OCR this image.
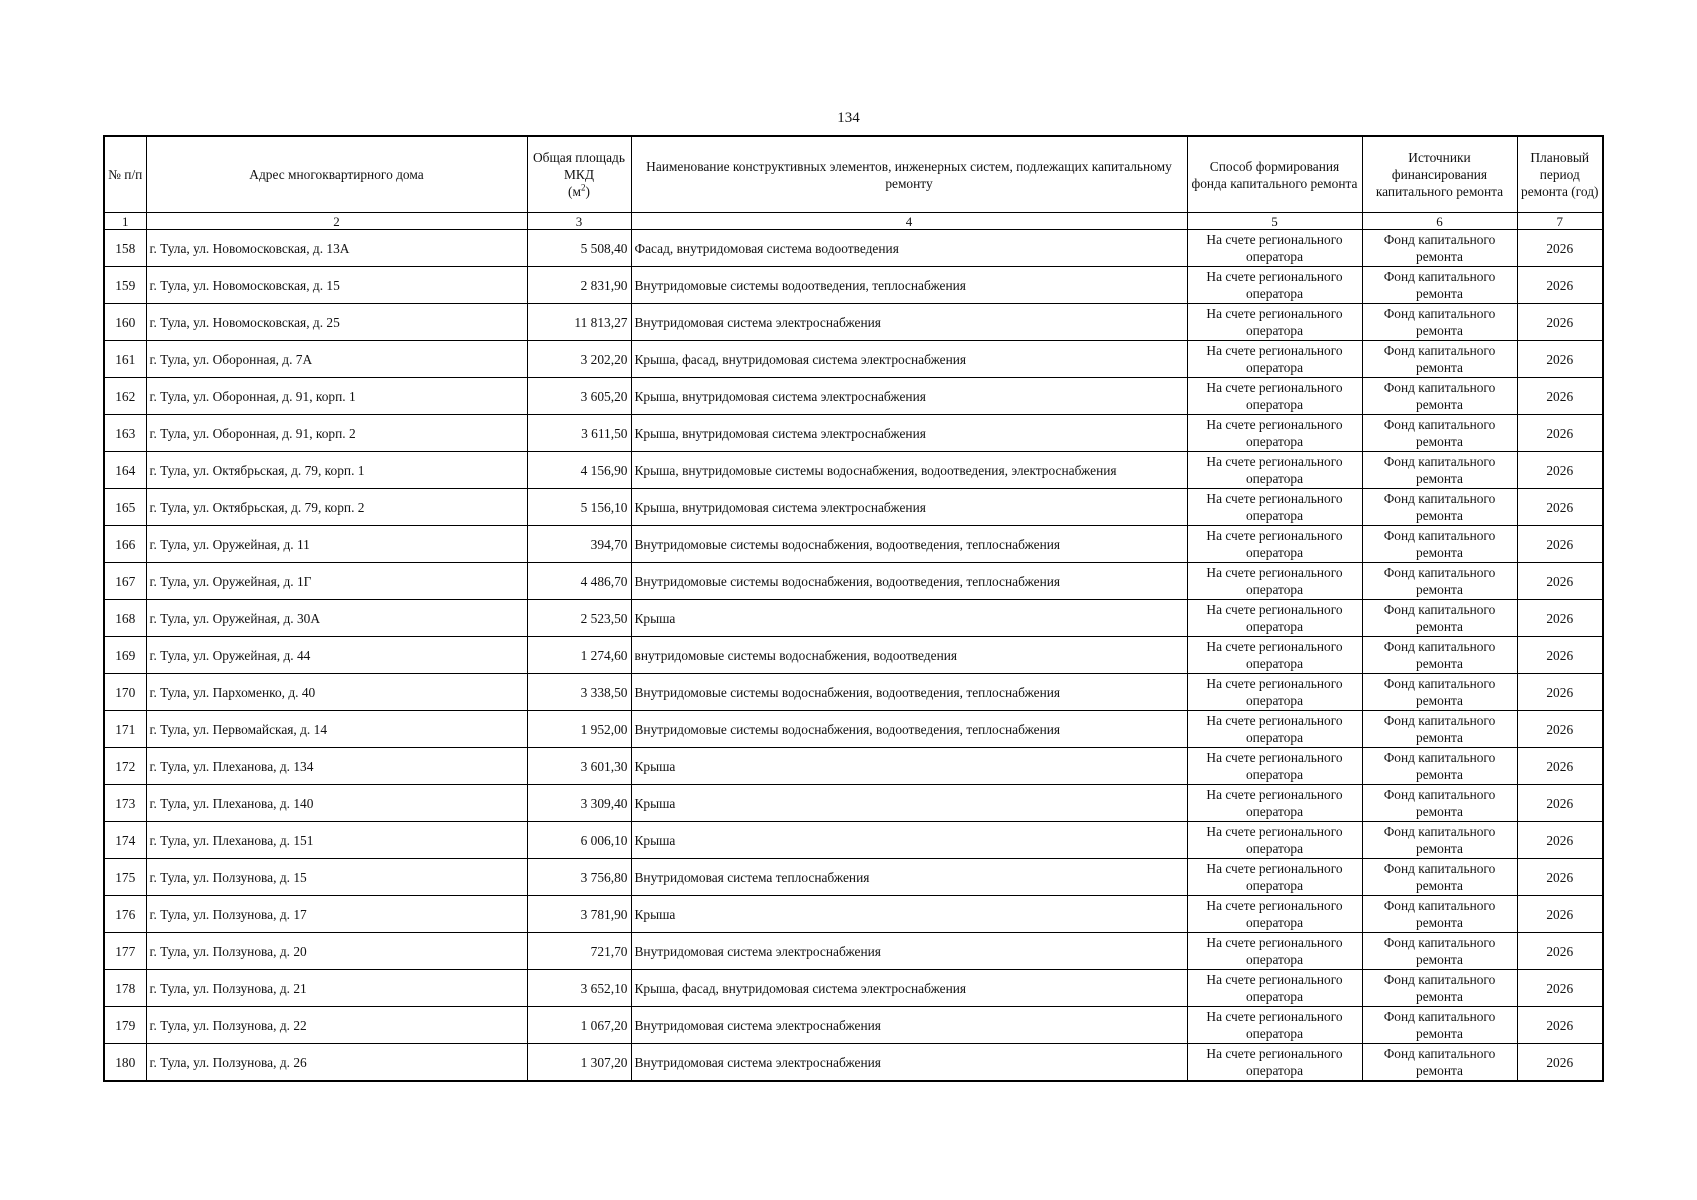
134
№ п/п	Адрес многоквартирного дома	Общая площадь МКД
$(м^2)$	Наименование конструктивных элементов, инженерных систем, подлежащих капитальному ремонту	Способ формирования фонда капитального ремонта	Источники финансирования капитального ремонта	Плановый период ремонта (год)
1	2	3	4	5	6	7
158	г. Тула, ул. Новомосковская, д. 13А	5 508,40	Фасад, внутридомовая система водоотведения	На счете регионального оператора	Фонд капитального ремонта	2026
159	г. Тула, ул. Новомосковская, д. 15	2 831,90	Внутридомовые системы водоотведения, теплоснабжения	На счете регионального оператора	Фонд капитального ремонта	2026
160	г. Тула, ул. Новомосковская, д. 25	11 813,27	Внутридомовая система электроснабжения	На счете регионального оператора	Фонд капитального ремонта	2026
161	г. Тула, ул. Оборонная, д. 7А	3 202,20	Крыша, фасад, внутридомовая система электроснабжения	На счете регионального оператора	Фонд капитального ремонта	2026
162	г. Тула, ул. Оборонная, д. 91, корп. 1	3 605,20	Крыша, внутридомовая система электроснабжения	На счете регионального оператора	Фонд капитального ремонта	2026
163	г. Тула, ул. Оборонная, д. 91, корп. 2	3 611,50	Крыша, внутридомовая система электроснабжения	На счете регионального оператора	Фонд капитального ремонта	2026
164	г. Тула, ул. Октябрьская, д. 79, корп. 1	4 156,90	Крыша, внутридомовые системы водоснабжения, водоотведения, электроснабжения	На счете регионального оператора	Фонд капитального ремонта	2026
165	г. Тула, ул. Октябрьская, д. 79, корп. 2	5 156,10	Крыша, внутридомовая система электроснабжения	На счете регионального оператора	Фонд капитального ремонта	2026
166	г. Тула, ул. Оружейная, д. 11	394,70	Внутридомовые системы водоснабжения, водоотведения, теплоснабжения	На счете регионального оператора	Фонд капитального ремонта	2026
167	г. Тула, ул. Оружейная, д. 1Г	4 486,70	Внутридомовые системы водоснабжения, водоотведения, теплоснабжения	На счете регионального оператора	Фонд капитального ремонта	2026
168	г. Тула, ул. Оружейная, д. 30А	2 523,50	Крыша	На счете регионального оператора	Фонд капитального ремонта	2026
169	г. Тула, ул. Оружейная, д. 44	1 274,60	внутридомовые системы водоснабжения, водоотведения	На счете регионального оператора	Фонд капитального ремонта	2026
170	г. Тула, ул. Пархоменко, д. 40	3 338,50	Внутридомовые системы водоснабжения, водоотведения, теплоснабжения	На счете регионального оператора	Фонд капитального ремонта	2026
171	г. Тула, ул. Первомайская, д. 14	1 952,00	Внутридомовые системы водоснабжения, водоотведения, теплоснабжения	На счете регионального оператора	Фонд капитального ремонта	2026
172	г. Тула, ул. Плеханова, д. 134	3 601,30	Крыша	На счете регионального оператора	Фонд капитального ремонта	2026
173	г. Тула, ул. Плеханова, д. 140	3 309,40	Крыша	На счете регионального оператора	Фонд капитального ремонта	2026
174	г. Тула, ул. Плеханова, д. 151	6 006,10	Крыша	На счете регионального оператора	Фонд капитального ремонта	2026
175	г. Тула, ул. Ползунова, д. 15	3 756,80	Внутридомовая система теплоснабжения	На счете регионального оператора	Фонд капитального ремонта	2026
176	г. Тула, ул. Ползунова, д. 17	3 781,90	Крыша	На счете регионального оператора	Фонд капитального ремонта	2026
177	г. Тула, ул. Ползунова, д. 20	721,70	Внутридомовая система электроснабжения	На счете регионального оператора	Фонд капитального ремонта	2026
178	г. Тула, ул. Ползунова, д. 21	3 652,10	Крыша, фасад, внутридомовая система электроснабжения	На счете регионального оператора	Фонд капитального ремонта	2026
179	г. Тула, ул. Ползунова, д. 22	1 067,20	Внутридомовая система электроснабжения	На счете регионального оператора	Фонд капитального ремонта	2026
180	г. Тула, ул. Ползунова, д. 26	1 307,20	Внутридомовая система электроснабжения	На счете регионального оператора	Фонд капитального ремонта	2026
